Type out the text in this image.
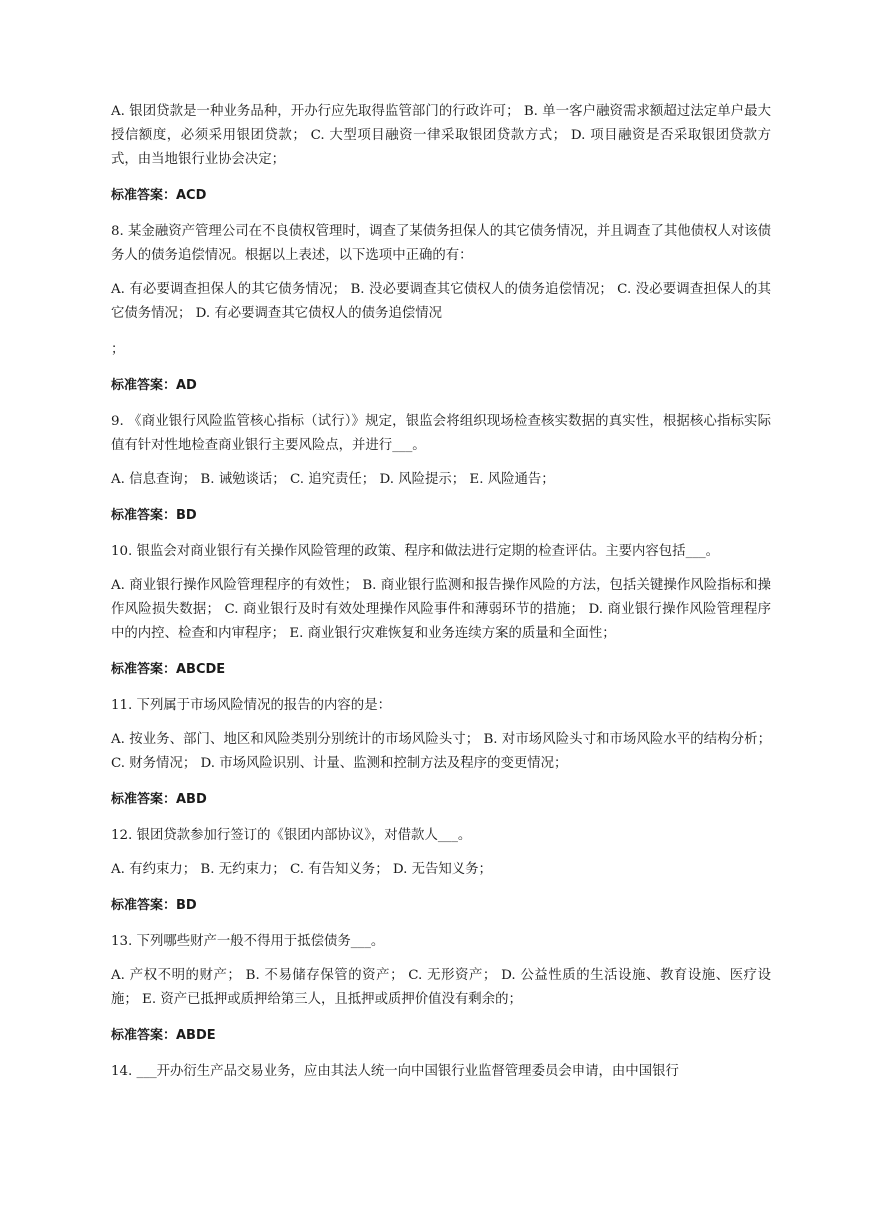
A. 银团贷款是一种业务品种，开办行应先取得监管部门的行政许可； B. 单一客户融资需求额超过法定单户最大授信额度，必须采用银团贷款； C. 大型项目融资一律采取银团贷款方式； D. 项目融资是否采取银团贷款方式，由当地银行业协会决定；

标准答案：ACD

8. 某金融资产管理公司在不良债权管理时，调查了某债务担保人的其它债务情况，并且调查了其他债权人对该债务人的债务追偿情况。根据以上表述，以下选项中正确的有：

A. 有必要调查担保人的其它债务情况； B. 没必要调查其它债权人的债务追偿情况； C. 没必要调查担保人的其它债务情况； D. 有必要调查其它债权人的债务追偿情况

；

标准答案：AD

9. 《商业银行风险监管核心指标（试行）》规定，银监会将组织现场检查核实数据的真实性，根据核心指标实际值有针对性地检查商业银行主要风险点，并进行___。

A. 信息查询； B. 诫勉谈话； C. 追究责任； D. 风险提示； E. 风险通告；

标准答案：BD

10. 银监会对商业银行有关操作风险管理的政策、程序和做法进行定期的检查评估。主要内容包括___。

A. 商业银行操作风险管理程序的有效性； B. 商业银行监测和报告操作风险的方法，包括关键操作风险指标和操作风险损失数据； C. 商业银行及时有效处理操作风险事件和薄弱环节的措施； D. 商业银行操作风险管理程序中的内控、检查和内审程序； E. 商业银行灾难恢复和业务连续方案的质量和全面性；

标准答案：ABCDE

11. 下列属于市场风险情况的报告的内容的是：

A. 按业务、部门、地区和风险类别分别统计的市场风险头寸； B. 对市场风险头寸和市场风险水平的结构分析； C. 财务情况； D. 市场风险识别、计量、监测和控制方法及程序的变更情况；

标准答案：ABD

12. 银团贷款参加行签订的《银团内部协议》，对借款人___。

A. 有约束力； B. 无约束力； C. 有告知义务； D. 无告知义务；

标准答案：BD

13. 下列哪些财产一般不得用于抵偿债务___。

A. 产权不明的财产； B. 不易储存保管的资产； C. 无形资产； D. 公益性质的生活设施、教育设施、医疗设施； E. 资产已抵押或质押给第三人，且抵押或质押价值没有剩余的；

标准答案：ABDE

14. ___开办衍生产品交易业务，应由其法人统一向中国银行业监督管理委员会申请，由中国银行
